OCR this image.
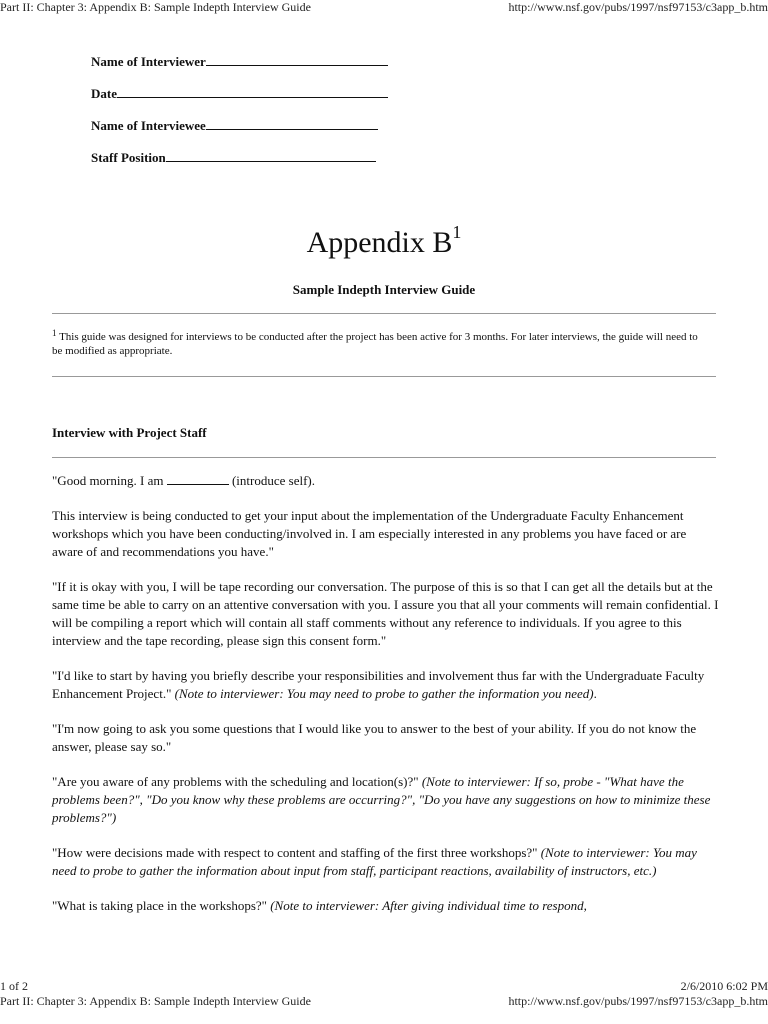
Part II: Chapter 3: Appendix B: Sample Indepth Interview Guide	http://www.nsf.gov/pubs/1997/nsf97153/c3app_b.htm
Name of Interviewer
Date
Name of Interviewee
Staff Position
Appendix $B^1$
Sample Indepth Interview Guide
$^1$ This guide was designed for interviews to be conducted after the project has been active for 3 months. For later interviews, the guide will need to be modified as appropriate.
Interview with Project Staff

"Good morning. I am	(introduce self).

This interview is being conducted to get your input about the implementation of the Undergraduate Faculty Enhancement workshops which you have been conducting/involved in. I am especially interested in any problems you have faced or are aware of and recommendations you have."

"If it is okay with you, I will be tape recording our conversation. The purpose of this is so that I can get all the details but at the same time be able to carry on an attentive conversation with you. I assure you that all your comments will remain confidential. I will be compiling a report which will contain all staff comments without any reference to individuals. If you agree to this interview and the tape recording, please sign this consent form."

"I'd like to start by having you briefly describe your responsibilities and involvement thus far with the Undergraduate Faculty Enhancement Project." (Note to interviewer: You may need to probe to gather the information you need).

"I'm now going to ask you some questions that I would like you to answer to the best of your ability. If you do not know the answer, please say so."

"Are you aware of any problems with the scheduling and location(s)?" (Note to interviewer: If so, probe - "What have the problems been?", "Do you know why these problems are occurring?", "Do you have any suggestions on how to minimize these problems?")

"How were decisions made with respect to content and staffing of the first three workshops?" (Note to interviewer: You may need to probe to gather the information about input from staff, participant reactions, availability of instructors, etc.)

"What is taking place in the workshops?" (Note to interviewer: After giving individual time to respond,

1 of 2	2/6/2010 6:02 PM
Part II: Chapter 3: Appendix B: Sample Indepth Interview Guide	http://www.nsf.gov/pubs/1997/nsf97153/c3app_b.htm
